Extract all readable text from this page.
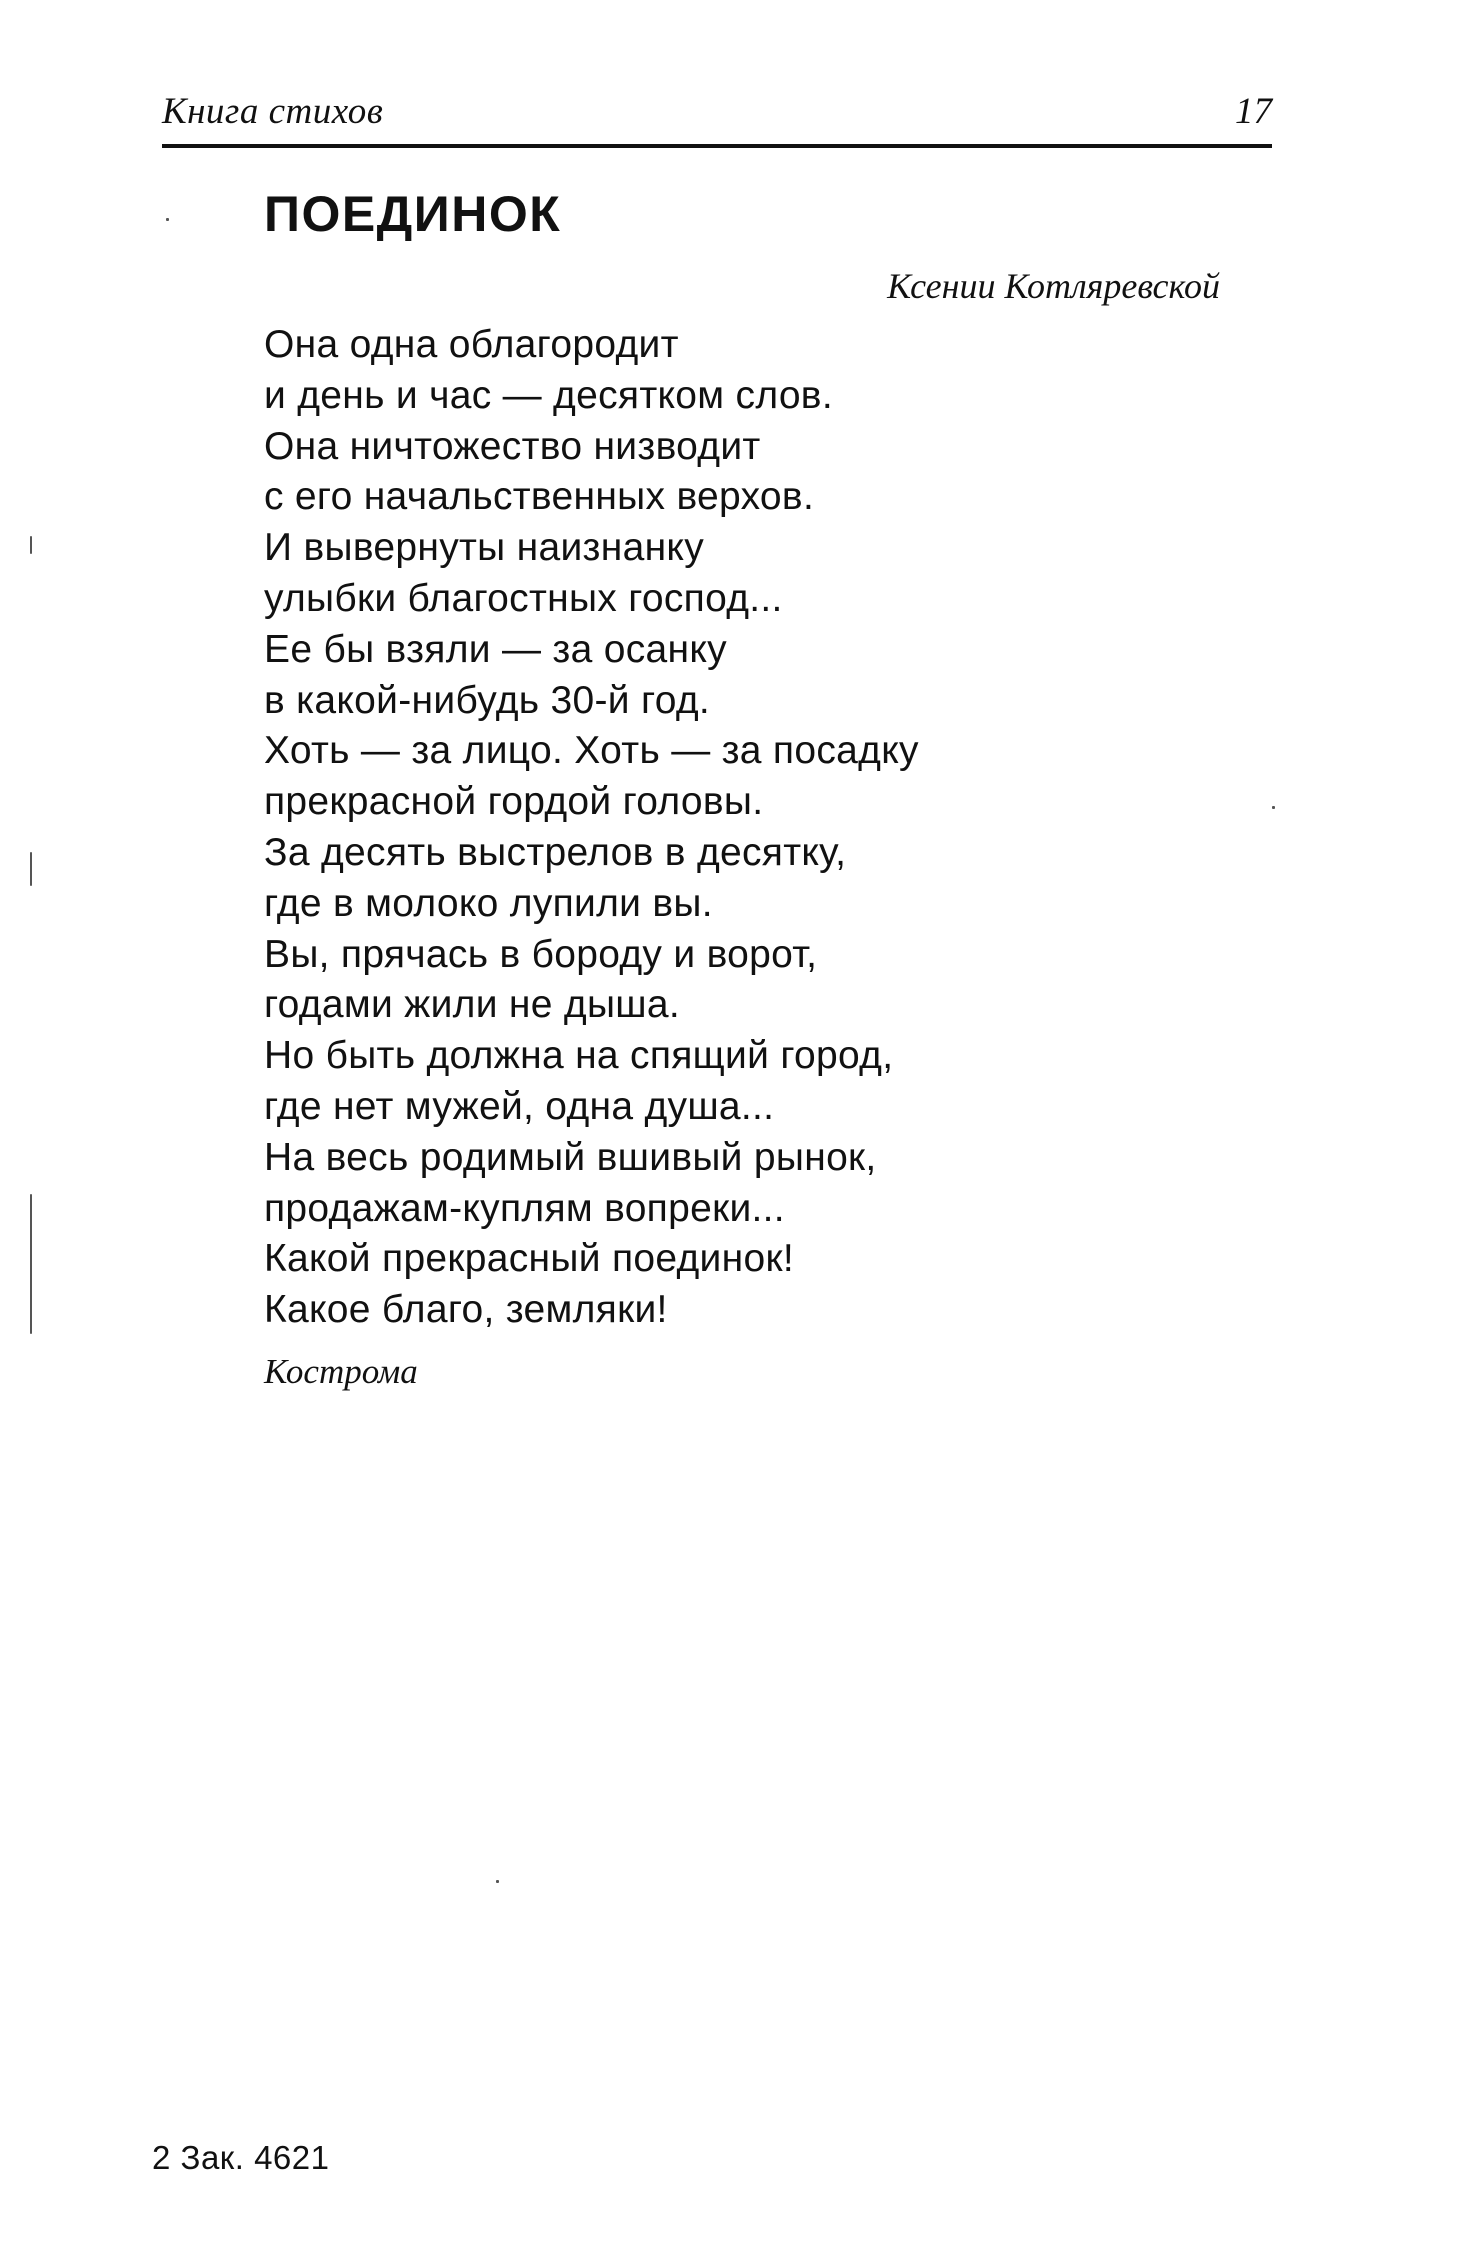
Книга стихов	17
ПОЕДИНОК
Ксении Котляревской
Она одна облагородит
и день и час — десятком слов.
Она ничтожество низводит
с его начальственных верхов.
И вывернуты наизнанку
улыбки благостных господ...
Ее бы взяли — за осанку
в какой-нибудь 30-й год.
Хоть — за лицо. Хоть — за посадку
прекрасной гордой головы.
За десять выстрелов в десятку,
где в молоко лупили вы.
Вы, прячась в бороду и ворот,
годами жили не дыша.
Но быть должна на спящий город,
где нет мужей, одна душа...
На весь родимый вшивый рынок,
продажам-куплям вопреки...
Какой прекрасный поединок!
Какое благо, земляки!
Кострома
2 Зак. 4621
